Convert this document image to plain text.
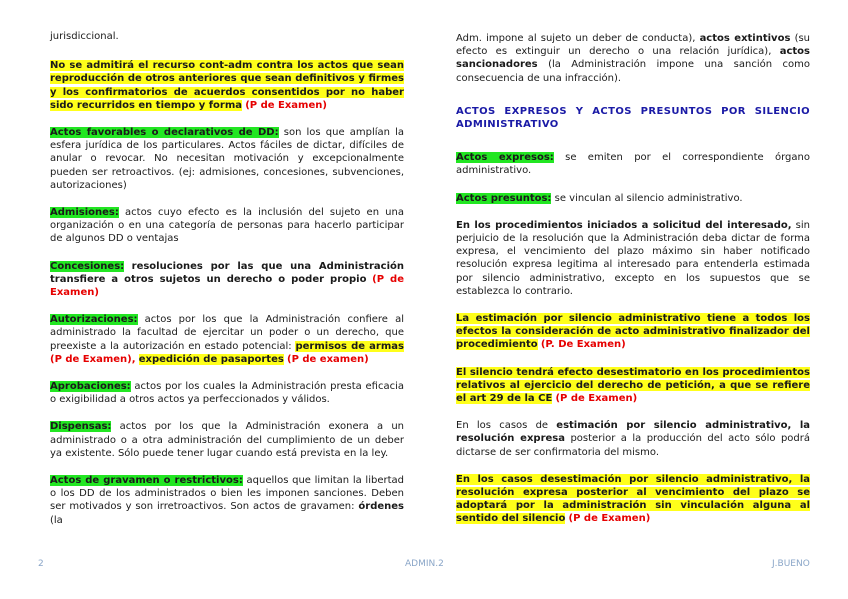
jurisdiccional.

No se admitirá el recurso cont-adm contra los actos que sean reproducción de otros anteriores que sean definitivos y firmes y los confirmatorios de acuerdos consentidos por no haber sido recurridos en tiempo y forma (P de Examen)

Actos favorables o declarativos de DD: son los que amplían la esfera jurídica de los particulares. Actos fáciles de dictar, difíciles de anular o revocar. No necesitan motivación y excepcionalmente pueden ser retroactivos. (ej: admisiones, concesiones, subvenciones, autorizaciones)

Admisiones: actos cuyo efecto es la inclusión del sujeto en una organización o en una categoría de personas para hacerlo participar de algunos DD o ventajas

Concesiones: resoluciones por las que una Administración transfiere a otros sujetos un derecho o poder propio (P de Examen)

Autorizaciones: actos por los que la Administración confiere al administrado la facultad de ejercitar un poder o un derecho, que preexiste a la autorización en estado potencial: permisos de armas (P de Examen), expedición de pasaportes (P de examen)

Aprobaciones: actos por los cuales la Administración presta eficacia o exigibilidad a otros actos ya perfeccionados y válidos.

Dispensas: actos por los que la Administración exonera a un administrado o a otra administración del cumplimiento de un deber ya existente. Sólo puede tener lugar cuando está prevista en la ley.

Actos de gravamen o restrictivos: aquellos que limitan la libertad o los DD de los administrados o bien les imponen sanciones. Deben ser motivados y son irretroactivos. Son actos de gravamen: órdenes (la

Adm. impone al sujeto un deber de conducta), actos extintivos (su efecto es extinguir un derecho o una relación jurídica), actos sancionadores (la Administración impone una sanción como consecuencia de una infracción).

ACTOS EXPRESOS Y ACTOS PRESUNTOS POR SILENCIO ADMINISTRATIVO

Actos expresos: se emiten por el correspondiente órgano administrativo.

Actos presuntos: se vinculan al silencio administrativo.

En los procedimientos iniciados a solicitud del interesado, sin perjuicio de la resolución que la Administración deba dictar de forma expresa, el vencimiento del plazo máximo sin haber notificado resolución expresa legitima al interesado para entenderla estimada por silencio administrativo, excepto en los supuestos que se establezca lo contrario.

La estimación por silencio administrativo tiene a todos los efectos la consideración de acto administrativo finalizador del procedimiento (P. De Examen)

El silencio tendrá efecto desestimatorio en los procedimientos relativos al ejercicio del derecho de petición, a que se refiere el art 29 de la CE (P de Examen)

En los casos de estimación por silencio administrativo, la resolución expresa posterior a la producción del acto sólo podrá dictarse de ser confirmatoria del mismo.

En los casos desestimación por silencio administrativo, la resolución expresa posterior al vencimiento del plazo se adoptará por la administración sin vinculación alguna al sentido del silencio (P de Examen)

2	ADMIN.2	J.BUENO
